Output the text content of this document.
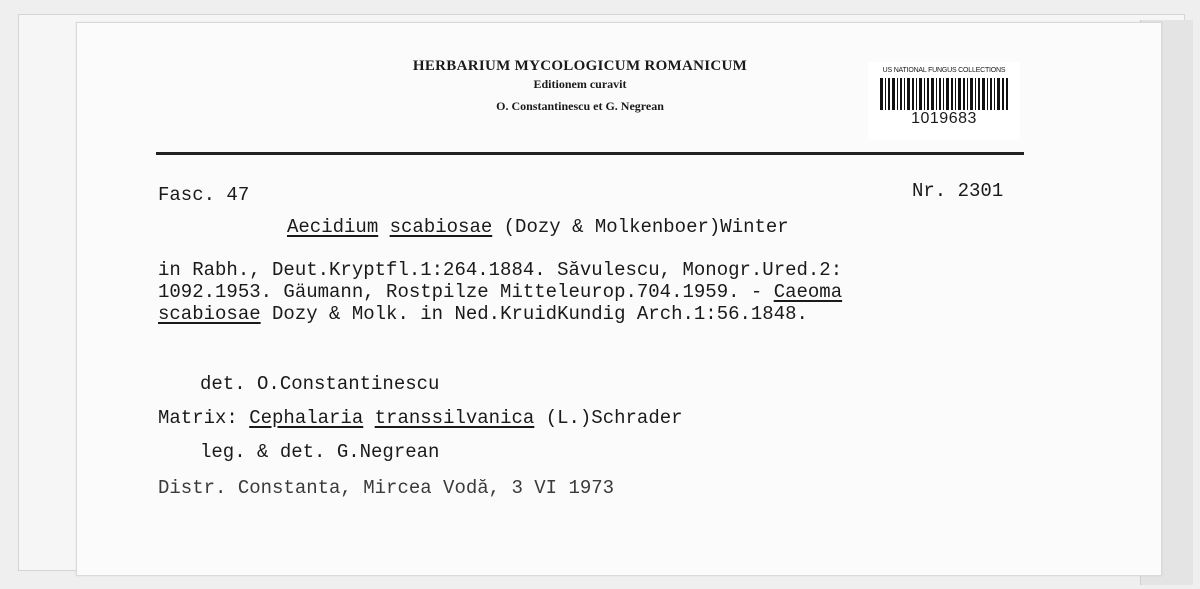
HERBARIUM MYCOLOGICUM ROMANICUM
Editionem curavit
O. Constantinescu et G. Negrean
US NATIONAL FUNGUS COLLECTIONS
1019683
Fasc. 47	Nr. 2301
Aecidium scabiosae (Dozy & Molkenboer)Winter
in Rabh., Deut.Kryptfl.1:264.1884. Săvulescu, Monogr.Ured.2:
1092.1953. Gäumann, Rostpilze Mitteleurop.704.1959. - Caeoma
scabiosae Dozy & Molk. in Ned.KruidKundig Arch.1:56.1848.
det. O.Constantinescu
Matrix: Cephalaria transsilvanica (L.)Schrader
leg. & det. G.Negrean
Distr. Constanta, Mircea Vodă, 3 VI 1973
